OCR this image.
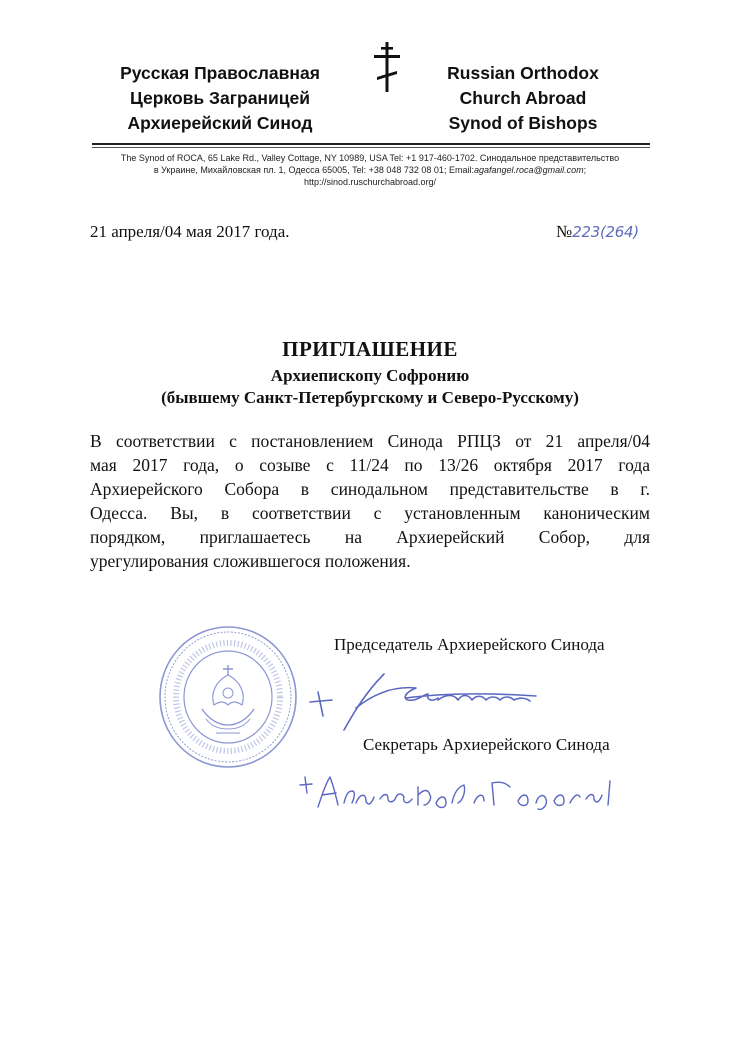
Русская Православная
Церковь Заграницей
Архиерейский Синод
Russian Orthodox
Church Abroad
Synod of Bishops
The Synod of ROCA, 65 Lake Rd., Valley Cottage, NY 10989, USA Tel: +1 917-460-1702. Синодальное представительство
в Украине, Михайловская пл. 1, Одесса 65005, Tel: +38 048 732 08 01; Email:agafangel.roca@gmail.com;
http://sinod.ruschurchabroad.org/
21 апреля/04 мая 2017 года.	№223(264)
ПРИГЛАШЕНИЕ
Архиепископу Софронию
(бывшему Санкт-Петербургскому и Северо-Русскому)
В соответствии с постановлением Синода РПЦЗ от 21 апреля/04
мая 2017 года, о созыве с 11/24 по 13/26 октября 2017 года
Архиерейского Собора в синодальном представительстве в г.
Одесса. Вы, в соответствии с установленным каноническим
порядком, приглашаетесь на Архиерейский Собор, для
урегулирования сложившегося положения.
Председатель Архиерейского Синода
Секретарь Архиерейского Синода
